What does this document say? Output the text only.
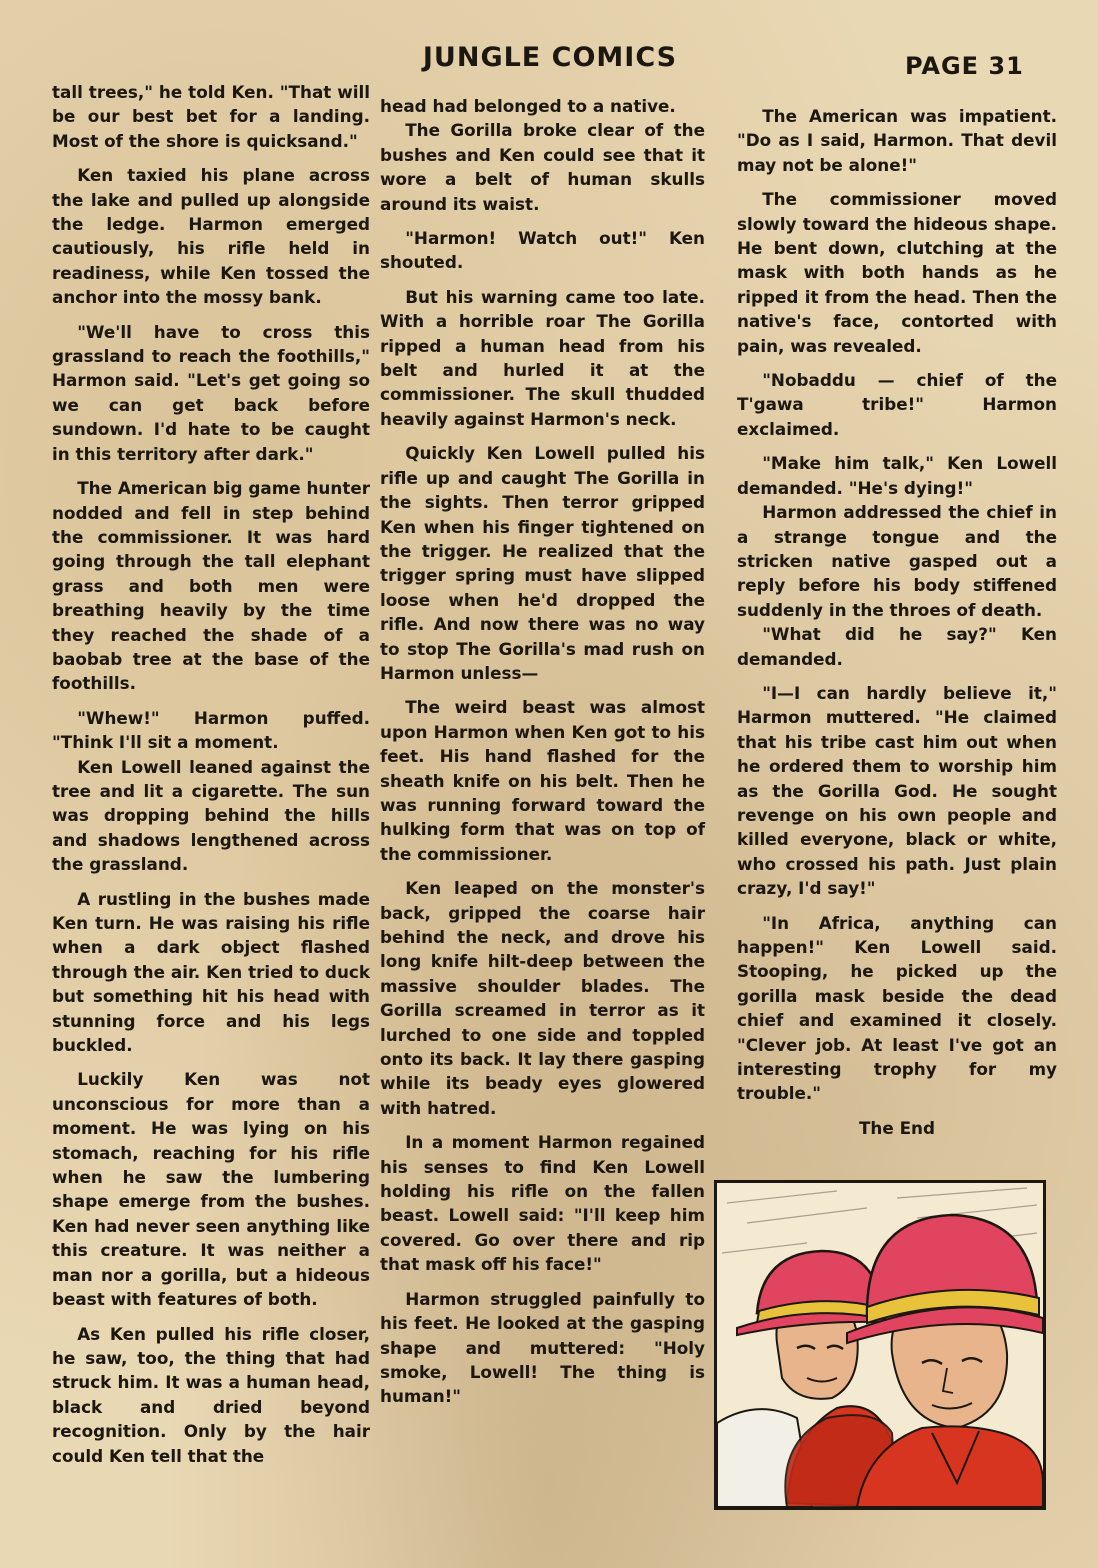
JUNGLE COMICS	PAGE 31

tall trees," he told Ken. "That will be our best bet for a landing. Most of the shore is quicksand."

Ken taxied his plane across the lake and pulled up alongside the ledge. Harmon emerged cautiously, his rifle held in readiness, while Ken tossed the anchor into the mossy bank.

"We'll have to cross this grassland to reach the foothills," Harmon said. "Let's get going so we can get back before sundown. I'd hate to be caught in this territory after dark."

The American big game hunter nodded and fell in step behind the commissioner. It was hard going through the tall elephant grass and both men were breathing heavily by the time they reached the shade of a baobab tree at the base of the foothills.

"Whew!" Harmon puffed. "Think I'll sit a moment.

Ken Lowell leaned against the tree and lit a cigarette. The sun was dropping behind the hills and shadows lengthened across the grassland.

A rustling in the bushes made Ken turn. He was raising his rifle when a dark object flashed through the air. Ken tried to duck but something hit his head with stunning force and his legs buckled.

Luckily Ken was not unconscious for more than a moment. He was lying on his stomach, reaching for his rifle when he saw the lumbering shape emerge from the bushes. Ken had never seen anything like this creature. It was neither a man nor a gorilla, but a hideous beast with features of both.

As Ken pulled his rifle closer, he saw, too, the thing that had struck him. It was a human head, black and dried beyond recognition. Only by the hair could Ken tell that the

head had belonged to a native.

The Gorilla broke clear of the bushes and Ken could see that it wore a belt of human skulls around its waist.

"Harmon! Watch out!" Ken shouted.

But his warning came too late. With a horrible roar The Gorilla ripped a human head from his belt and hurled it at the commissioner. The skull thudded heavily against Harmon's neck.

Quickly Ken Lowell pulled his rifle up and caught The Gorilla in the sights. Then terror gripped Ken when his finger tightened on the trigger. He realized that the trigger spring must have slipped loose when he'd dropped the rifle. And now there was no way to stop The Gorilla's mad rush on Harmon unless—

The weird beast was almost upon Harmon when Ken got to his feet. His hand flashed for the sheath knife on his belt. Then he was running forward toward the hulking form that was on top of the commissioner.

Ken leaped on the monster's back, gripped the coarse hair behind the neck, and drove his long knife hilt-deep between the massive shoulder blades. The Gorilla screamed in terror as it lurched to one side and toppled onto its back. It lay there gasping while its beady eyes glowered with hatred.

In a moment Harmon regained his senses to find Ken Lowell holding his rifle on the fallen beast. Lowell said: "I'll keep him covered. Go over there and rip that mask off his face!"

Harmon struggled painfully to his feet. He looked at the gasping shape and muttered: "Holy smoke, Lowell! The thing is human!"

The American was impatient. "Do as I said, Harmon. That devil may not be alone!"

The commissioner moved slowly toward the hideous shape. He bent down, clutching at the mask with both hands as he ripped it from the head. Then the native's face, contorted with pain, was revealed.

"Nobaddu — chief of the T'gawa tribe!" Harmon exclaimed.

"Make him talk," Ken Lowell demanded. "He's dying!"

Harmon addressed the chief in a strange tongue and the stricken native gasped out a reply before his body stiffened suddenly in the throes of death.

"What did he say?" Ken demanded.

"I—I can hardly believe it," Harmon muttered. "He claimed that his tribe cast him out when he ordered them to worship him as the Gorilla God. He sought revenge on his own people and killed everyone, black or white, who crossed his path. Just plain crazy, I'd say!"

"In Africa, anything can happen!" Ken Lowell said. Stooping, he picked up the gorilla mask beside the dead chief and examined it closely. "Clever job. At least I've got an interesting trophy for my trouble."

The End
